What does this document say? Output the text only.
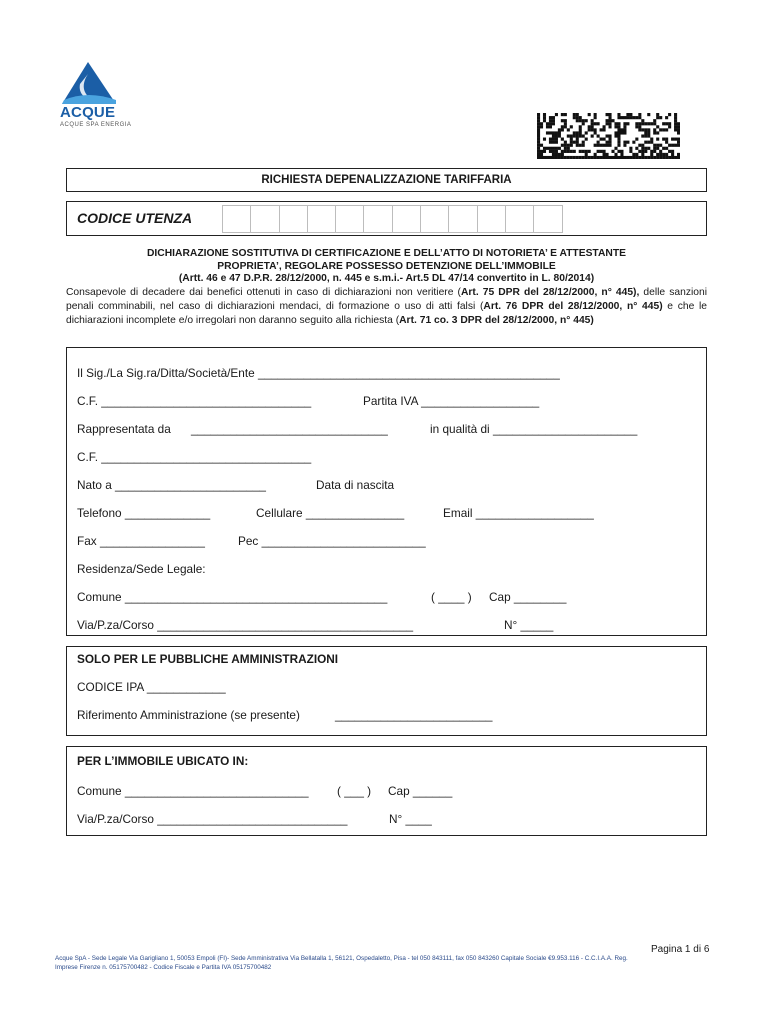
ACQUE
ACQUE SPA ENERGIA
RICHIESTA DEPENALIZZAZIONE TARIFFARIA
CODICE UTENZA
DICHIARAZIONE SOSTITUTIVA DI CERTIFICAZIONE E DELL’ATTO DI NOTORIETA’ E ATTESTANTE
PROPRIETA’, REGOLARE POSSESSO DETENZIONE DELL’IMMOBILE
(Artt. 46 e 47 D.P.R. 28/12/2000, n. 445 e s.m.i.- Art.5 DL 47/14 convertito in L. 80/2014)
Consapevole di decadere dai benefici ottenuti in caso di dichiarazioni non veritiere (Art. 75 DPR del 28/12/2000, n° 445), delle sanzioni penali comminabili, nel caso di dichiarazioni mendaci, di formazione o uso di atti falsi (Art. 76 DPR del 28/12/2000, n° 445) e che le dichiarazioni incomplete e/o irregolari non daranno seguito alla richiesta (Art. 71 co. 3 DPR del 28/12/2000, n° 445)
Il Sig./La Sig.ra/Ditta/Società/Ente ______________________________________________
C.F. ________________________________	Partita IVA __________________
Rappresentata da ______________________________	in qualità di ______________________
C.F. ________________________________
Nato a _______________________	Data di nascita
Telefono _____________	Cellulare _______________	Email __________________
Fax ________________	Pec _________________________
Residenza/Sede Legale:
Comune ________________________________________	( ____ ) Cap ________
Via/P.za/Corso _______________________________________	N° _____
SOLO PER LE PUBBLICHE AMMINISTRAZIONI
CODICE IPA ____________
Riferimento Amministrazione (se presente)	________________________
PER L’IMMOBILE UBICATO IN:
Comune ____________________________ ( ___ ) Cap ______
Via/P.za/Corso _____________________________	N° ____
Pagina 1 di 6
Acque SpA - Sede Legale Via Garigliano 1, 50053 Empoli (FI)- Sede Amministrativa Via Bellatalla 1, 56121, Ospedaletto, Pisa - tel 050 843111, fax 050 843260 Capitale Sociale €9.953.116 - C.C.I.A.A. Reg.
Imprese Firenze n. 05175700482 - Codice Fiscale e Partita IVA 05175700482
